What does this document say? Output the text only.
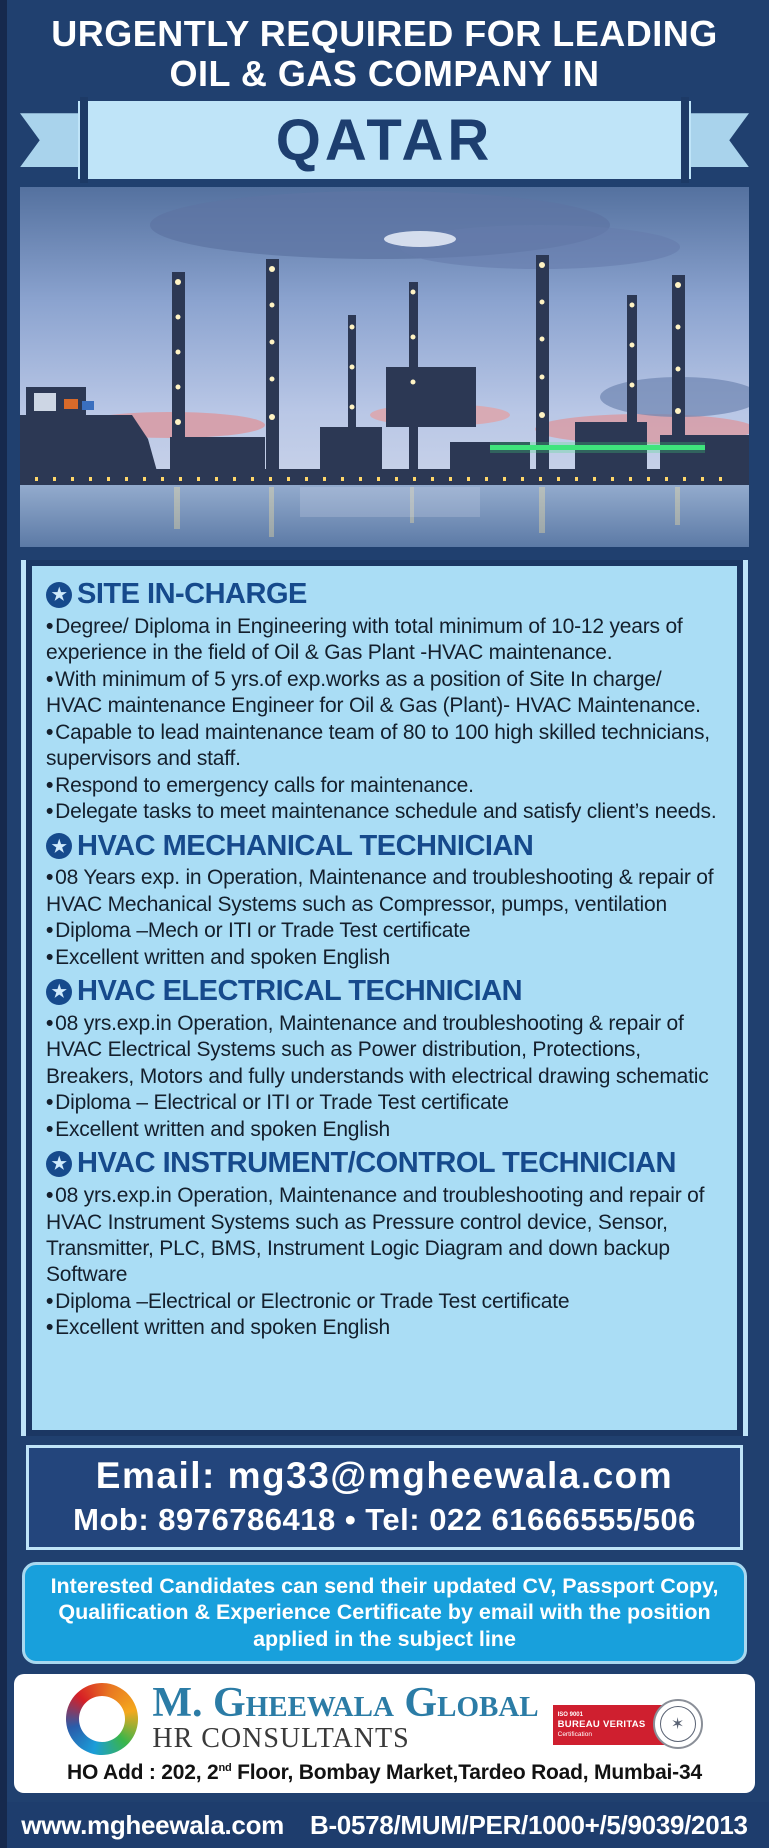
URGENTLY REQUIRED FOR LEADING
OIL & GAS COMPANY IN
QATAR
★ SITE IN-CHARGE
• Degree/ Diploma in Engineering with total minimum of 10-12 years of experience in the field of Oil & Gas Plant -HVAC maintenance.
• With minimum of 5 yrs.of exp.works as a position of Site In charge/ HVAC maintenance Engineer for Oil & Gas (Plant)- HVAC Maintenance.
• Capable to lead maintenance team of 80 to 100 high skilled technicians, supervisors and staff.
• Respond to emergency calls for maintenance.
• Delegate tasks to meet maintenance schedule and satisfy client’s needs.
★ HVAC MECHANICAL TECHNICIAN
• 08 Years exp. in Operation, Maintenance and troubleshooting & repair of HVAC Mechanical Systems such as Compressor, pumps, ventilation
• Diploma –Mech or ITI or Trade Test certificate
• Excellent written and spoken English
★ HVAC ELECTRICAL TECHNICIAN
• 08 yrs.exp.in Operation, Maintenance and troubleshooting & repair of HVAC Electrical Systems such as Power distribution, Protections, Breakers, Motors and fully understands with electrical drawing schematic
• Diploma – Electrical or ITI or Trade Test certificate
• Excellent written and spoken English
★ HVAC INSTRUMENT/CONTROL TECHNICIAN
• 08 yrs.exp.in Operation, Maintenance and troubleshooting and repair of HVAC Instrument Systems such as Pressure control device, Sensor, Transmitter, PLC, BMS, Instrument Logic Diagram and down backup Software
• Diploma –Electrical or Electronic or Trade Test certificate
• Excellent written and spoken English
Email: mg33@mgheewala.com
Mob: 8976786418 • Tel: 022 61666555/506
Interested Candidates can send their updated CV, Passport Copy, Qualification & Experience Certificate by email with the position applied in the subject line
M. Gheewala Global
HR CONSULTANTS
ISO 9001
BUREAU VERITAS
Certification
✶
HO Add : 202, 2nd Floor, Bombay Market,Tardeo Road, Mumbai-34
www.mgheewala.com B-0578/MUM/PER/1000+/5/9039/2013
